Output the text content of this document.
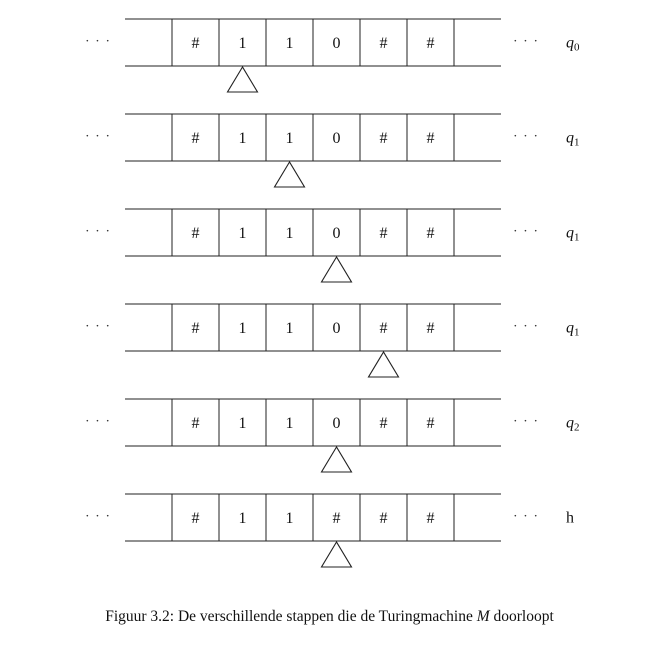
# 1 1 0 # #
· · ·	· · · q0
# 1 1 0 # #
· · ·	· · · q1
# 1 1 0 # #
· · ·	· · · q1
# 1 1 0 # #
· · ·	· · · q1
# 1 1 0 # #
· · ·	· · · q2
# 1 1 # # #
· · ·	· · · h
Figuur 3.2: De verschillende stappen die de Turingmachine M doorloopt
